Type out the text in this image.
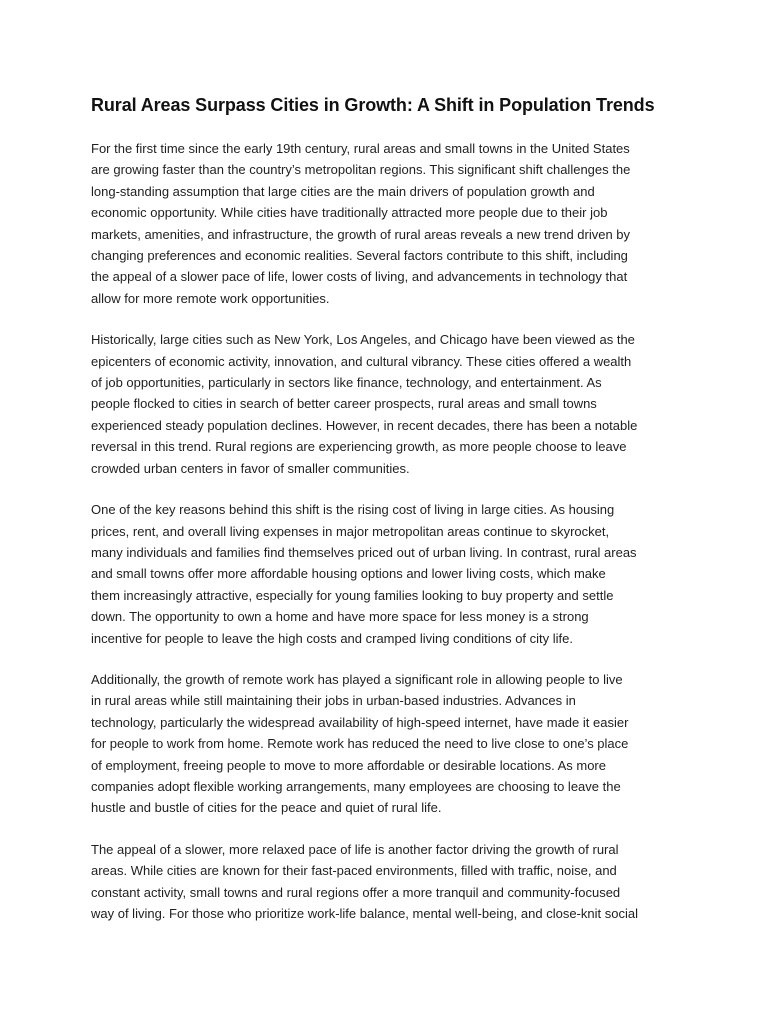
Rural Areas Surpass Cities in Growth: A Shift in Population Trends
For the first time since the early 19th century, rural areas and small towns in the United States
are growing faster than the country’s metropolitan regions. This significant shift challenges the
long-standing assumption that large cities are the main drivers of population growth and
economic opportunity. While cities have traditionally attracted more people due to their job
markets, amenities, and infrastructure, the growth of rural areas reveals a new trend driven by
changing preferences and economic realities. Several factors contribute to this shift, including
the appeal of a slower pace of life, lower costs of living, and advancements in technology that
allow for more remote work opportunities.
Historically, large cities such as New York, Los Angeles, and Chicago have been viewed as the
epicenters of economic activity, innovation, and cultural vibrancy. These cities offered a wealth
of job opportunities, particularly in sectors like finance, technology, and entertainment. As
people flocked to cities in search of better career prospects, rural areas and small towns
experienced steady population declines. However, in recent decades, there has been a notable
reversal in this trend. Rural regions are experiencing growth, as more people choose to leave
crowded urban centers in favor of smaller communities.
One of the key reasons behind this shift is the rising cost of living in large cities. As housing
prices, rent, and overall living expenses in major metropolitan areas continue to skyrocket,
many individuals and families find themselves priced out of urban living. In contrast, rural areas
and small towns offer more affordable housing options and lower living costs, which make
them increasingly attractive, especially for young families looking to buy property and settle
down. The opportunity to own a home and have more space for less money is a strong
incentive for people to leave the high costs and cramped living conditions of city life.
Additionally, the growth of remote work has played a significant role in allowing people to live
in rural areas while still maintaining their jobs in urban-based industries. Advances in
technology, particularly the widespread availability of high-speed internet, have made it easier
for people to work from home. Remote work has reduced the need to live close to one’s place
of employment, freeing people to move to more affordable or desirable locations. As more
companies adopt flexible working arrangements, many employees are choosing to leave the
hustle and bustle of cities for the peace and quiet of rural life.
The appeal of a slower, more relaxed pace of life is another factor driving the growth of rural
areas. While cities are known for their fast-paced environments, filled with traffic, noise, and
constant activity, small towns and rural regions offer a more tranquil and community-focused
way of living. For those who prioritize work-life balance, mental well-being, and close-knit social
